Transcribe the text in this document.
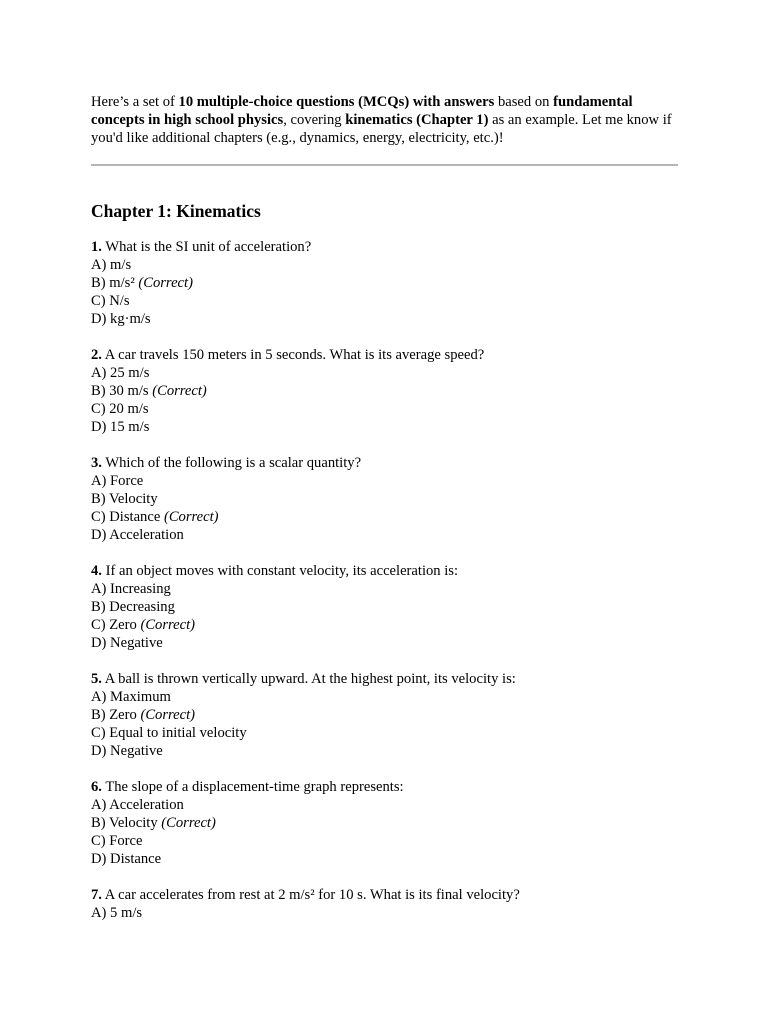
Here’s a set of 10 multiple-choice questions (MCQs) with answers based on fundamental concepts in high school physics, covering kinematics (Chapter 1) as an example. Let me know if you'd like additional chapters (e.g., dynamics, energy, electricity, etc.)!

Chapter 1: Kinematics
1. What is the SI unit of acceleration?
A) m/s
B) m/s² (Correct)
C) N/s
D) kg·m/s
2. A car travels 150 meters in 5 seconds. What is its average speed?
A) 25 m/s
B) 30 m/s (Correct)
C) 20 m/s
D) 15 m/s
3. Which of the following is a scalar quantity?
A) Force
B) Velocity
C) Distance (Correct)
D) Acceleration
4. If an object moves with constant velocity, its acceleration is:
A) Increasing
B) Decreasing
C) Zero (Correct)
D) Negative
5. A ball is thrown vertically upward. At the highest point, its velocity is:
A) Maximum
B) Zero (Correct)
C) Equal to initial velocity
D) Negative
6. The slope of a displacement-time graph represents:
A) Acceleration
B) Velocity (Correct)
C) Force
D) Distance
7. A car accelerates from rest at 2 m/s² for 10 s. What is its final velocity?
A) 5 m/s
